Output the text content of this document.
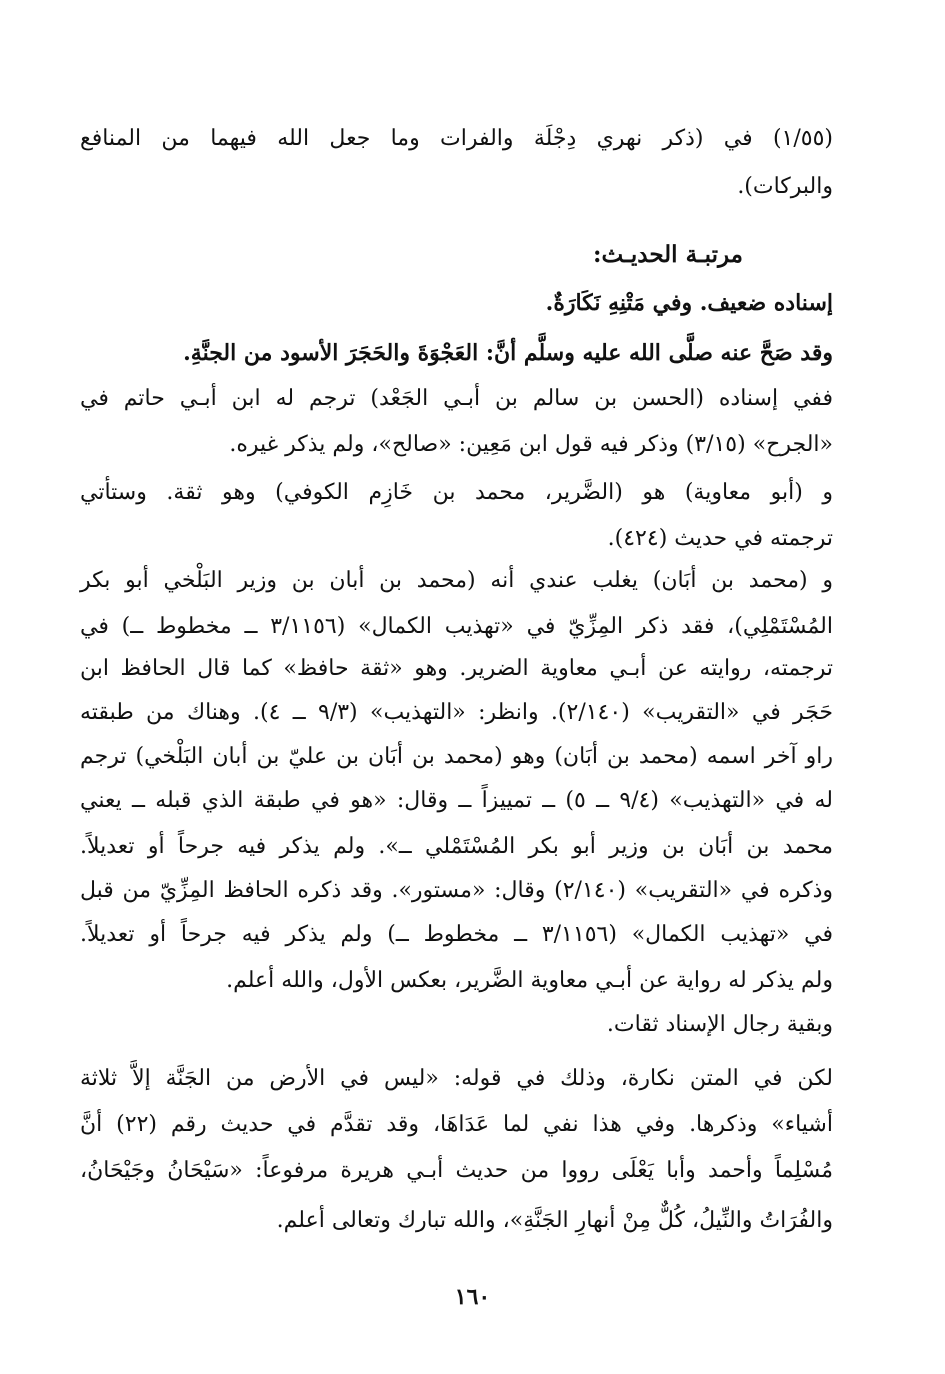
(١/٥٥) في (ذكر نهري دِجْلَة والفرات وما جعل الله فيهما من المنافع
والبركات).
مرتبـة الحديـث:
إسناده ضعيف. وفي مَتْنِهِ نَكَارَةٌ.
وقد صَحَّ عنه صلَّى الله عليه وسلَّم أنَّ: العَجْوَةَ والحَجَرَ الأسود من الجنَّةِ.
ففي إسناده (الحسن بن سالم بن أبـي الجَعْد) ترجم له ابن أبـي حاتم في
«الجرح» (٣/١٥) وذكر فيه قول ابن مَعِين: «صالح»، ولم يذكر غيره.
و (أبو معاوية) هو (الضَّرير، محمد بن خَازِم الكوفي) وهو ثقة. وستأتي
ترجمته في حديث (٤٢٤).
و (محمد بن أبَان) يغلب عندي أنه (محمد بن أبان بن وزير البَلْخي أبو بكر
المُسْتَمْلِي)، فقد ذكر المِزِّيّ في «تهذيب الكمال» (٣/١١٥٦ ــ مخطوط ــ) في
ترجمته، روايته عن أبـي معاوية الضرير. وهو «ثقة حافظ» كما قال الحافظ ابن
حَجَر في «التقريب» (٢/١٤٠). وانظر: «التهذيب» (٩/٣ ــ ٤). وهناك من طبقته
راو آخر اسمه (محمد بن أبَان) وهو (محمد بن أبَان بن عليّ بن أبان البَلْخي) ترجم
له في «التهذيب» (٩/٤ ــ ٥) ــ تمييزاً ــ وقال: «هو في طبقة الذي قبله ــ يعني
محمد بن أبَان بن وزير أبو بكر المُسْتَمْلي ــ». ولم يذكر فيه جرحاً أو تعديلاً.
وذكره في «التقريب» (٢/١٤٠) وقال: «مستور». وقد ذكره الحافظ المِزِّيّ من قبل
في «تهذيب الكمال» (٣/١١٥٦ ــ مخطوط ــ) ولم يذكر فيه جرحاً أو تعديلاً.
ولم يذكر له رواية عن أبـي معاوية الضَّرير، بعكس الأول، والله أعلم.
وبقية رجال الإسناد ثقات.
لكن في المتن نكارة، وذلك في قوله: «ليس في الأرض من الجَنَّة إلاَّ ثلاثة
أشياء» وذكرها. وفي هذا نفي لما عَدَاهَا، وقد تقدَّم في حديث رقم (٢٢) أنَّ
مُسْلِماً وأحمد وأبا يَعْلَى رووا من حديث أبـي هريرة مرفوعاً: «سَيْحَانُ وجَيْحَانُ،
والفُرَاتُ والنِّيلُ، كُلٌّ مِنْ أنهارِ الجَنَّةِ»، والله تبارك وتعالى أعلم.
١٦٠
